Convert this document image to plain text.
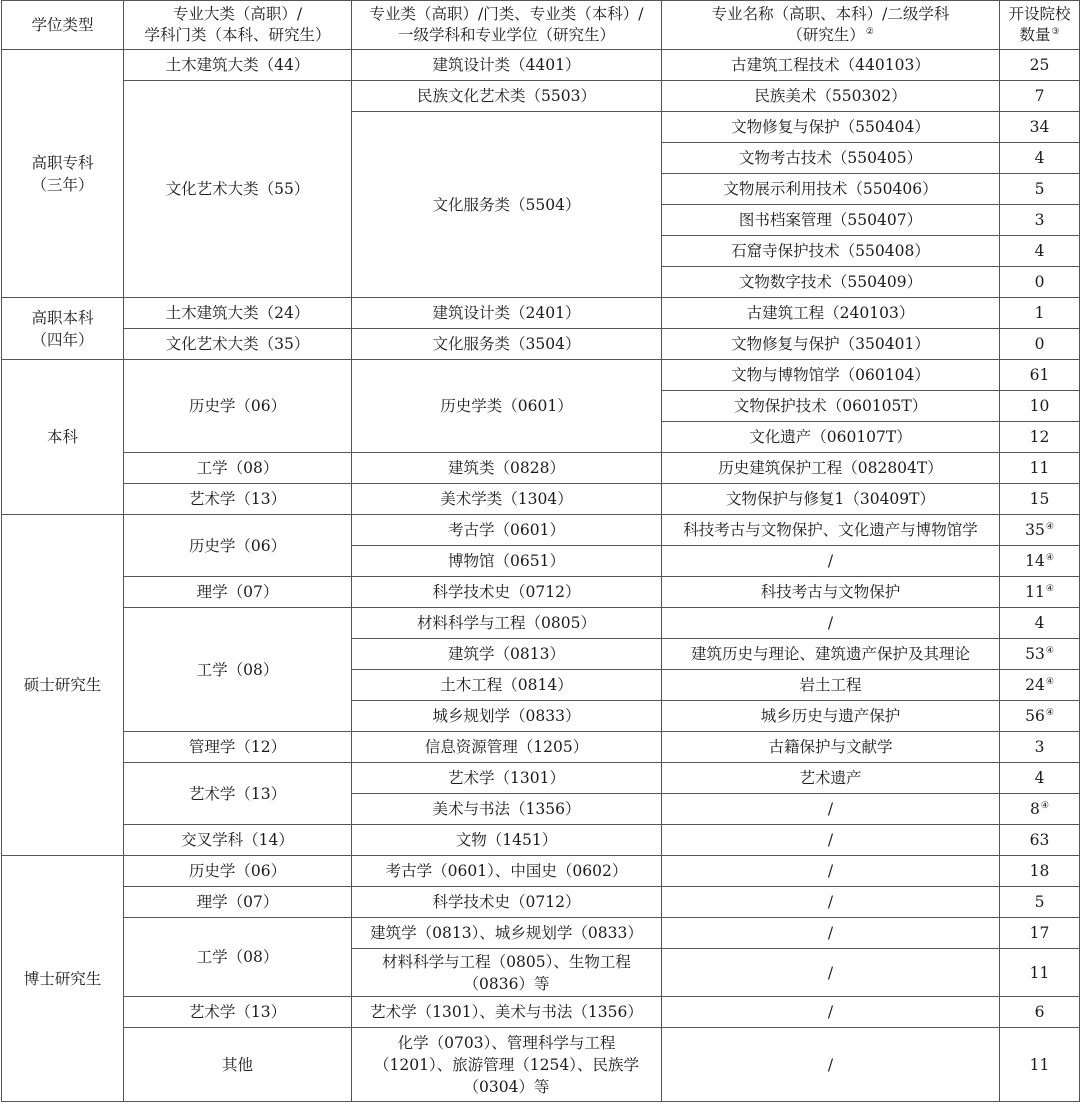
学位类型	专业大类（高职）/
学科门类（本科、研究生）	专业类（高职）/门类、专业类（本科）/
一级学科和专业学位（研究生）	专业名称（高职、本科）/二级学科
（研究生）②	开设院校
数量③
高职专科
（三年）	土木建筑大类（44）	建筑设计类（4401）	古建筑工程技术（440103）	25
	文化艺术大类（55）	民族文化艺术类（5503）	民族美术（550302）	7
		文化服务类（5504）	文物修复与保护（550404）	34
			文物考古技术（550405）	4
			文物展示利用技术（550406）	5
			图书档案管理（550407）	3
			石窟寺保护技术（550408）	4
			文物数字技术（550409）	0
高职本科
（四年）	土木建筑大类（24）	建筑设计类（2401）	古建筑工程（240103）	1
	文化艺术大类（35）	文化服务类（3504）	文物修复与保护（350401）	0
本科	历史学（06）	历史学类（0601）	文物与博物馆学（060104）	61
			文物保护技术（060105T）	10
			文化遗产（060107T）	12
	工学（08）	建筑类（0828）	历史建筑保护工程（082804T）	11
	艺术学（13）	美术学类（1304）	文物保护与修复1（30409T）	15
硕士研究生	历史学（06）	考古学（0601）	科技考古与文物保护、文化遗产与博物馆学	35④
		博物馆（0651）	/	14④
	理学（07）	科学技术史（0712）	科技考古与文物保护	11④
	工学（08）	材料科学与工程（0805）	/	4
		建筑学（0813）	建筑历史与理论、建筑遗产保护及其理论	53④
		土木工程（0814）	岩土工程	24④
		城乡规划学（0833）	城乡历史与遗产保护	56④
	管理学（12）	信息资源管理（1205）	古籍保护与文献学	3
	艺术学（13）	艺术学（1301）	艺术遗产	4
		美术与书法（1356）	/	8④
	交叉学科（14）	文物（1451）	/	63
博士研究生	历史学（06）	考古学（0601）、中国史（0602）	/	18
	理学（07）	科学技术史（0712）	/	5
	工学（08）	建筑学（0813）、城乡规划学（0833）	/	17
		材料科学与工程（0805）、生物工程
（0836）等	/	11
	艺术学（13）	艺术学（1301）、美术与书法（1356）	/	6
	其他	化学（0703）、管理科学与工程
（1201）、旅游管理（1254）、民族学
（0304）等	/	11
